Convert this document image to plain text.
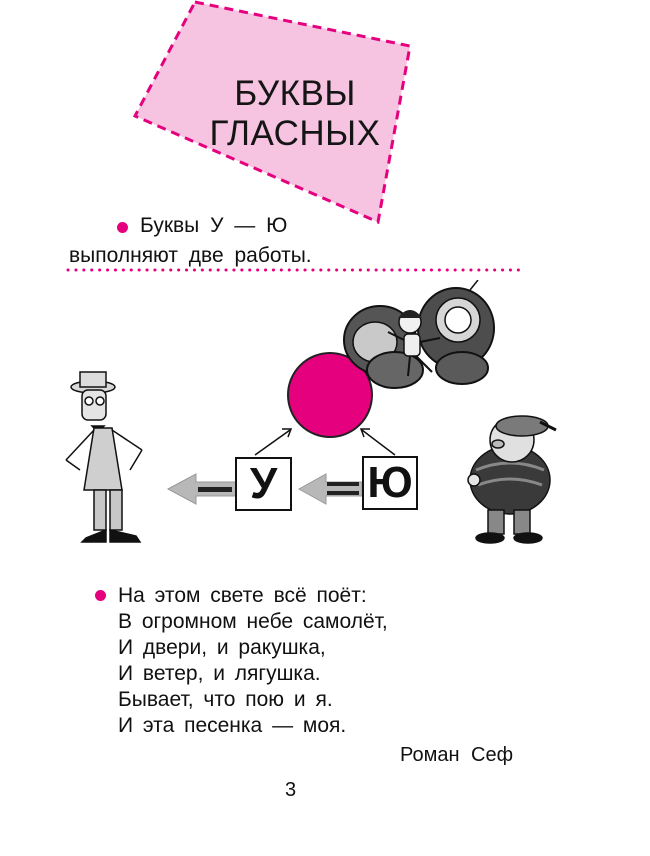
БУКВЫ
ГЛАСНЫХ
Буквы У — Ю
выполняют две работы.
У	Ю
На этом свете всё поёт:
В огромном небе самолёт,
И двери, и ракушка,
И ветер, и лягушка.
Бывает, что пою и я.
И эта песенка — моя.
Роман Сеф
3
